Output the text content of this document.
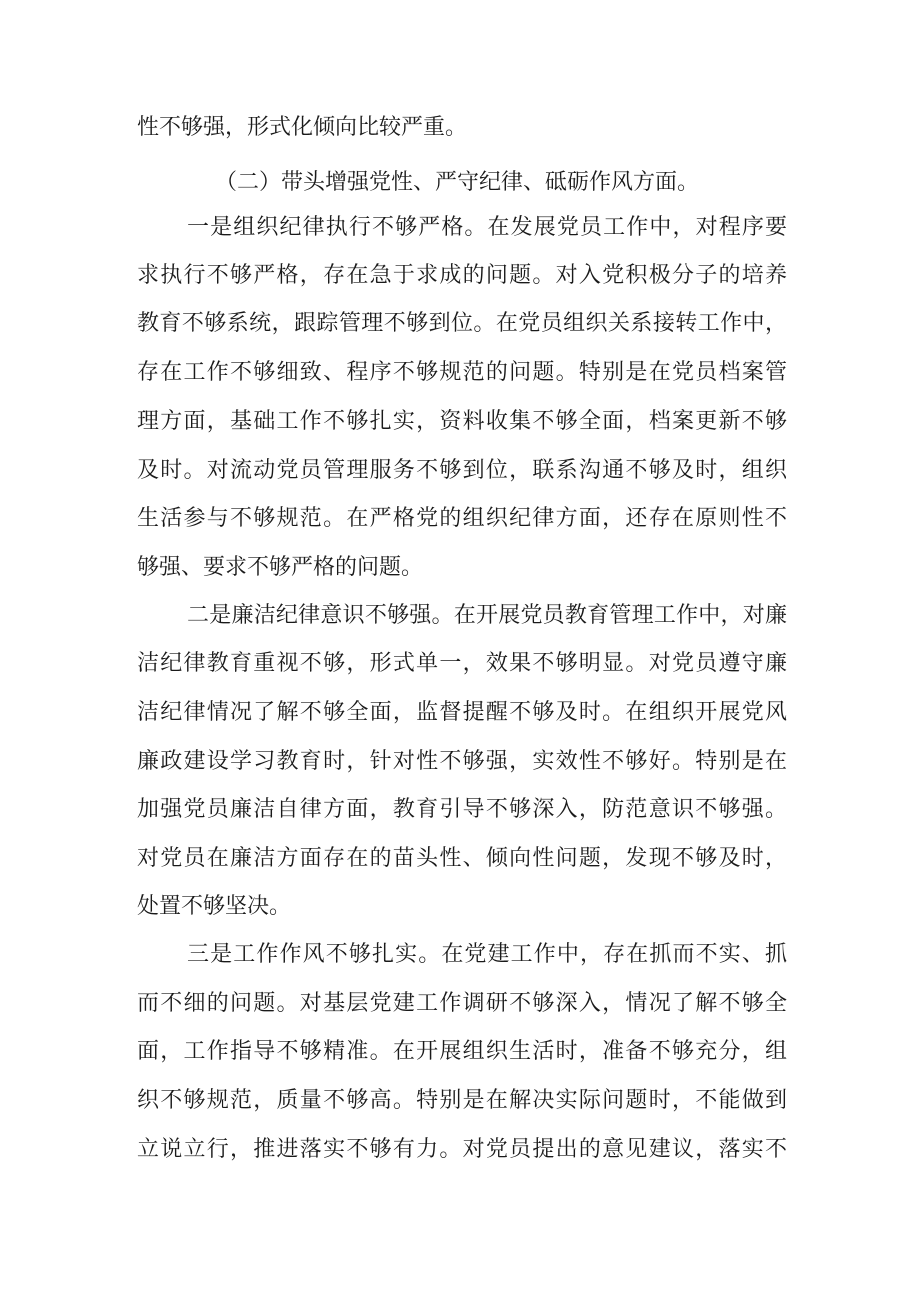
性不够强，形式化倾向比较严重。
（二）带头增强党性、严守纪律、砥砺作风方面。
一是组织纪律执行不够严格。在发展党员工作中，对程序要
求执行不够严格，存在急于求成的问题。对入党积极分子的培养
教育不够系统，跟踪管理不够到位。在党员组织关系接转工作中，
存在工作不够细致、程序不够规范的问题。特别是在党员档案管
理方面，基础工作不够扎实，资料收集不够全面，档案更新不够
及时。对流动党员管理服务不够到位，联系沟通不够及时，组织
生活参与不够规范。在严格党的组织纪律方面，还存在原则性不
够强、要求不够严格的问题。
二是廉洁纪律意识不够强。在开展党员教育管理工作中，对廉
洁纪律教育重视不够，形式单一，效果不够明显。对党员遵守廉
洁纪律情况了解不够全面，监督提醒不够及时。在组织开展党风
廉政建设学习教育时，针对性不够强，实效性不够好。特别是在
加强党员廉洁自律方面，教育引导不够深入，防范意识不够强。
对党员在廉洁方面存在的苗头性、倾向性问题，发现不够及时，
处置不够坚决。
三是工作作风不够扎实。在党建工作中，存在抓而不实、抓
而不细的问题。对基层党建工作调研不够深入，情况了解不够全
面，工作指导不够精准。在开展组织生活时，准备不够充分，组
织不够规范，质量不够高。特别是在解决实际问题时，不能做到
立说立行，推进落实不够有力。对党员提出的意见建议，落实不
